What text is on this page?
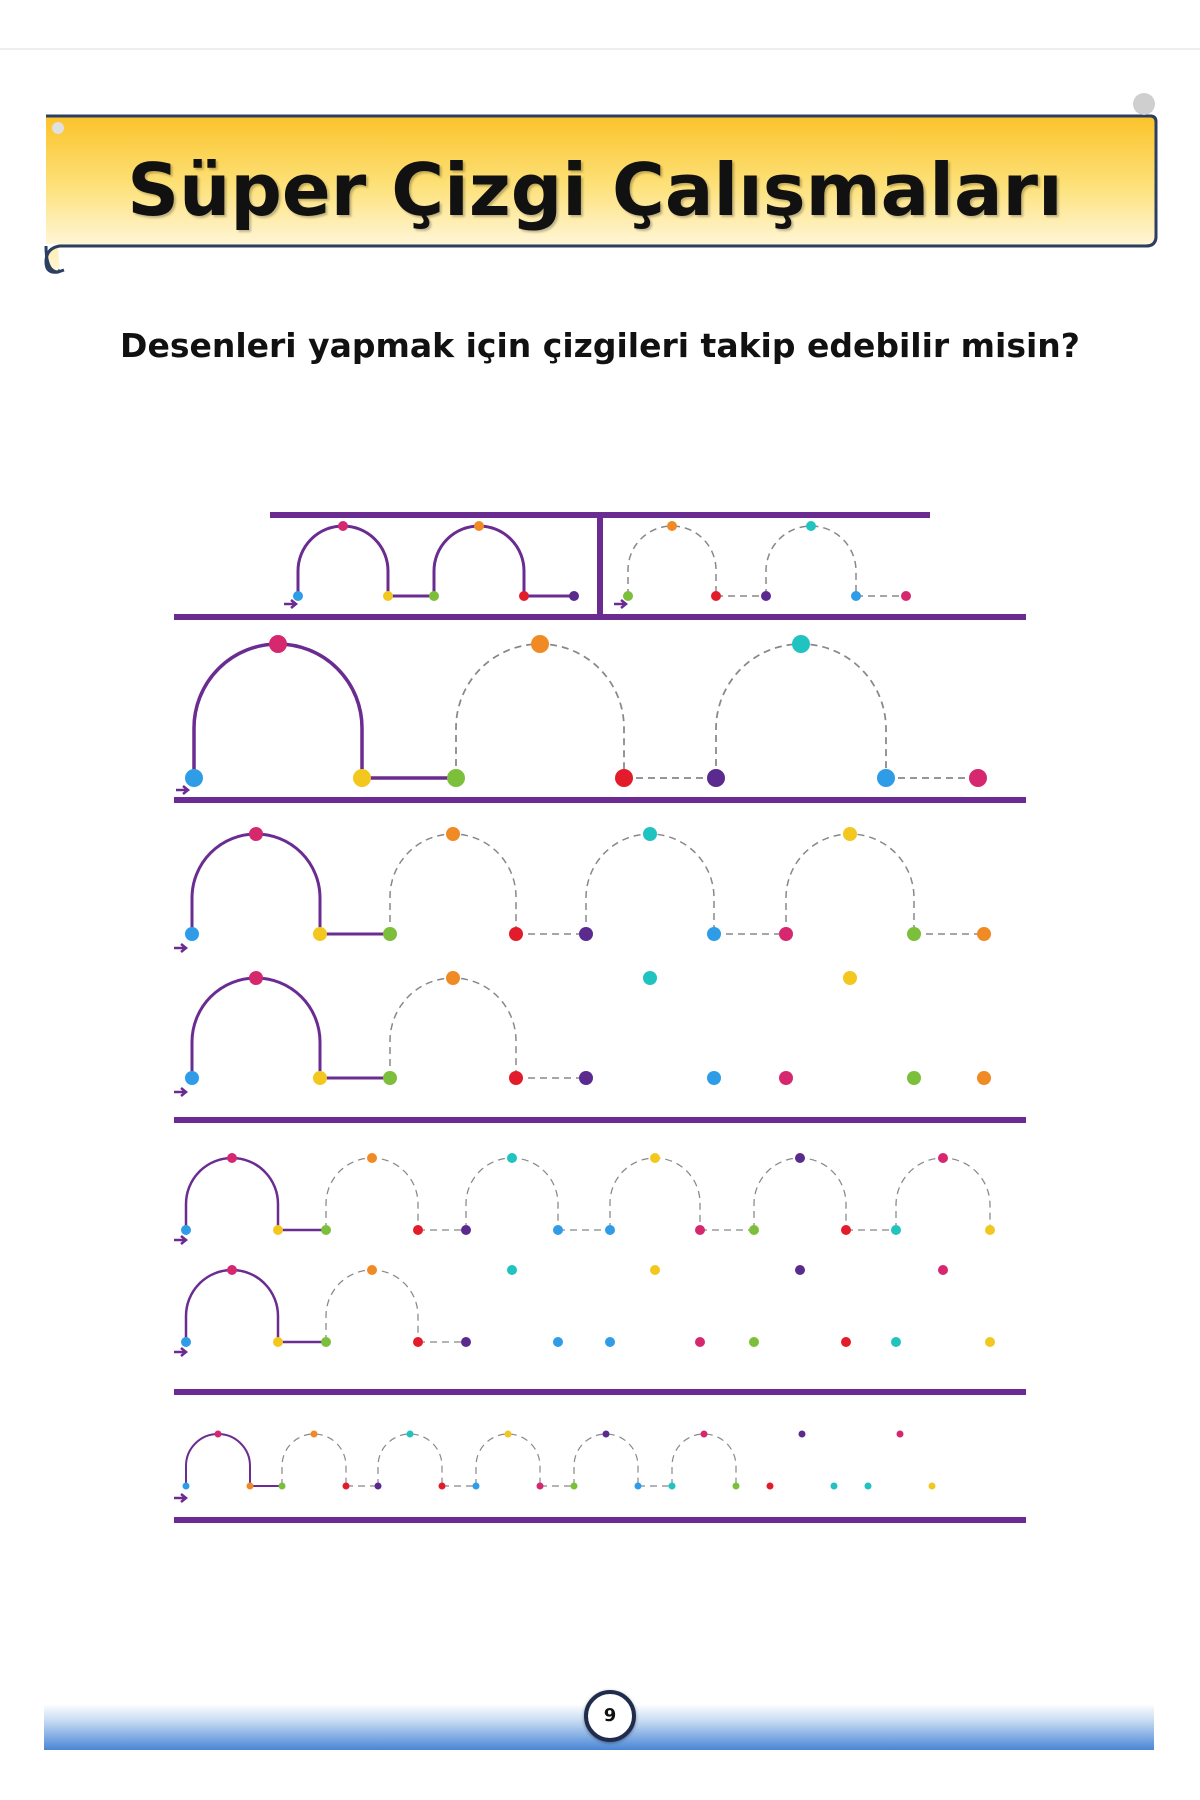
Süper Çizgi Çalışmaları

Desenleri yapmak için çizgileri takip edebilir misin?

9
